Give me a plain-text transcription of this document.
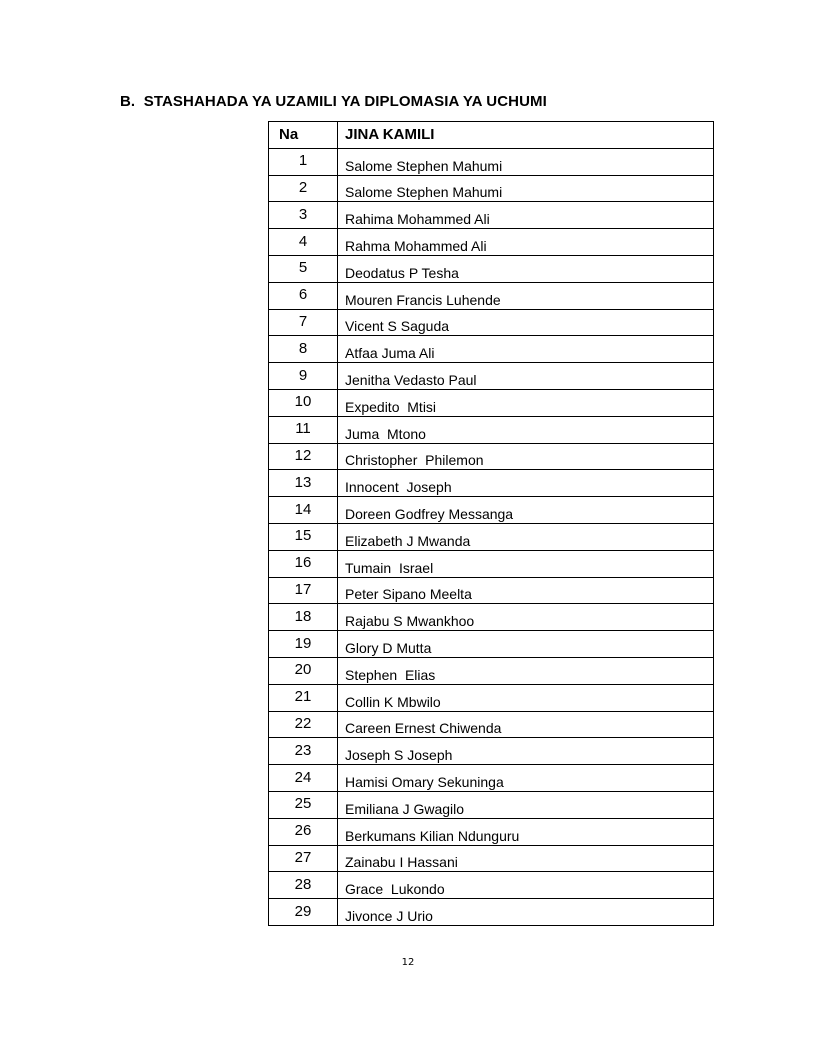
B.  STASHAHADA YA UZAMILI YA DIPLOMASIA YA UCHUMI
Na	JINA KAMILI
1	Salome Stephen Mahumi
2	Salome Stephen Mahumi
3	Rahima Mohammed Ali
4	Rahma Mohammed Ali
5	Deodatus P Tesha
6	Mouren Francis Luhende
7	Vicent S Saguda
8	Atfaa Juma Ali
9	Jenitha Vedasto Paul
10	Expedito  Mtisi
11	Juma  Mtono
12	Christopher  Philemon
13	Innocent  Joseph
14	Doreen Godfrey Messanga
15	Elizabeth J Mwanda
16	Tumain  Israel
17	Peter Sipano Meelta
18	Rajabu S Mwankhoo
19	Glory D Mutta
20	Stephen  Elias
21	Collin K Mbwilo
22	Careen Ernest Chiwenda
23	Joseph S Joseph
24	Hamisi Omary Sekuninga
25	Emiliana J Gwagilo
26	Berkumans Kilian Ndunguru
27	Zainabu I Hassani
28	Grace  Lukondo
29	Jivonce J Urio
12
